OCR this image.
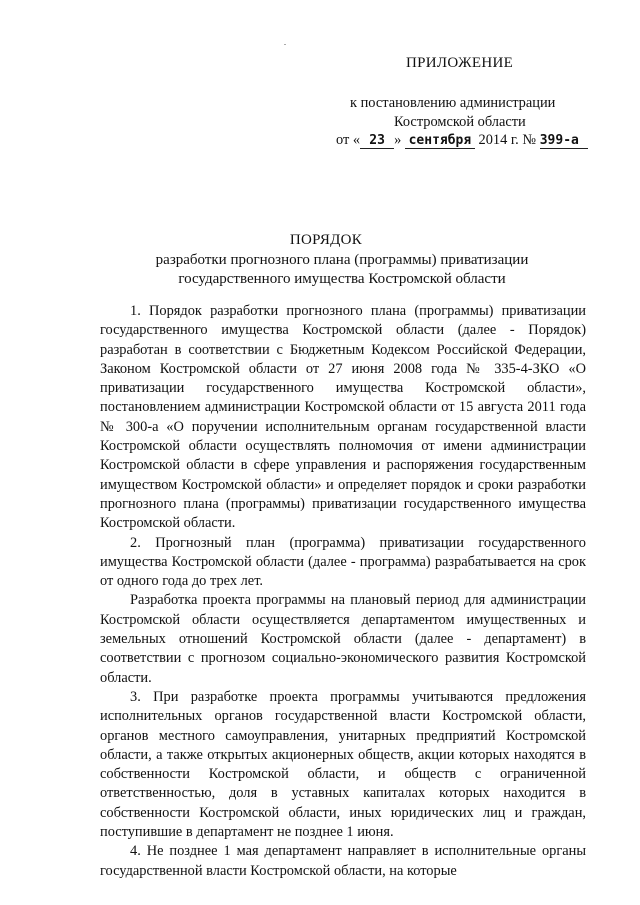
ПРИЛОЖЕНИЕ
к постановлению администрации
Костромской области
от « 23 » сентября 2014 г. № 399-а
ПОРЯДОК
разработки прогнозного плана (программы) приватизации
государственного имущества Костромской области

1. Порядок разработки прогнозного плана (программы) приватизации государственного имущества Костромской области (далее - Порядок) разработан в соответствии с Бюджетным Кодексом Российской Федерации, Законом Костромской области от 27 июня 2008 года № 335-4-ЗКО «О приватизации государственного имущества Костромской области», постановлением администрации Костромской области от 15 августа 2011 года № 300-а «О поручении исполнительным органам государственной власти Костромской области осуществлять полномочия от имени администрации Костромской области в сфере управления и распоряжения государственным имуществом Костромской области» и определяет порядок и сроки разработки прогнозного плана (программы) приватизации государственного имущества Костромской области.

2. Прогнозный план (программа) приватизации государственного имущества Костромской области (далее - программа) разрабатывается на срок от одного года до трех лет.

Разработка проекта программы на плановый период для администрации Костромской области осуществляется департаментом имущественных и земельных отношений Костромской области (далее - департамент) в соответствии с прогнозом социально-экономического развития Костромской области.

3. При разработке проекта программы учитываются предложения исполнительных органов государственной власти Костромской области, органов местного самоуправления, унитарных предприятий Костромской области, а также открытых акционерных обществ, акции которых находятся в собственности Костромской области, и обществ с ограниченной ответственностью, доля в уставных капиталах которых находится в собственности Костромской области, иных юридических лиц и граждан, поступившие в департамент не позднее 1 июня.

4. Не позднее 1 мая департамент направляет в исполнительные органы государственной власти Костромской области, на которые
